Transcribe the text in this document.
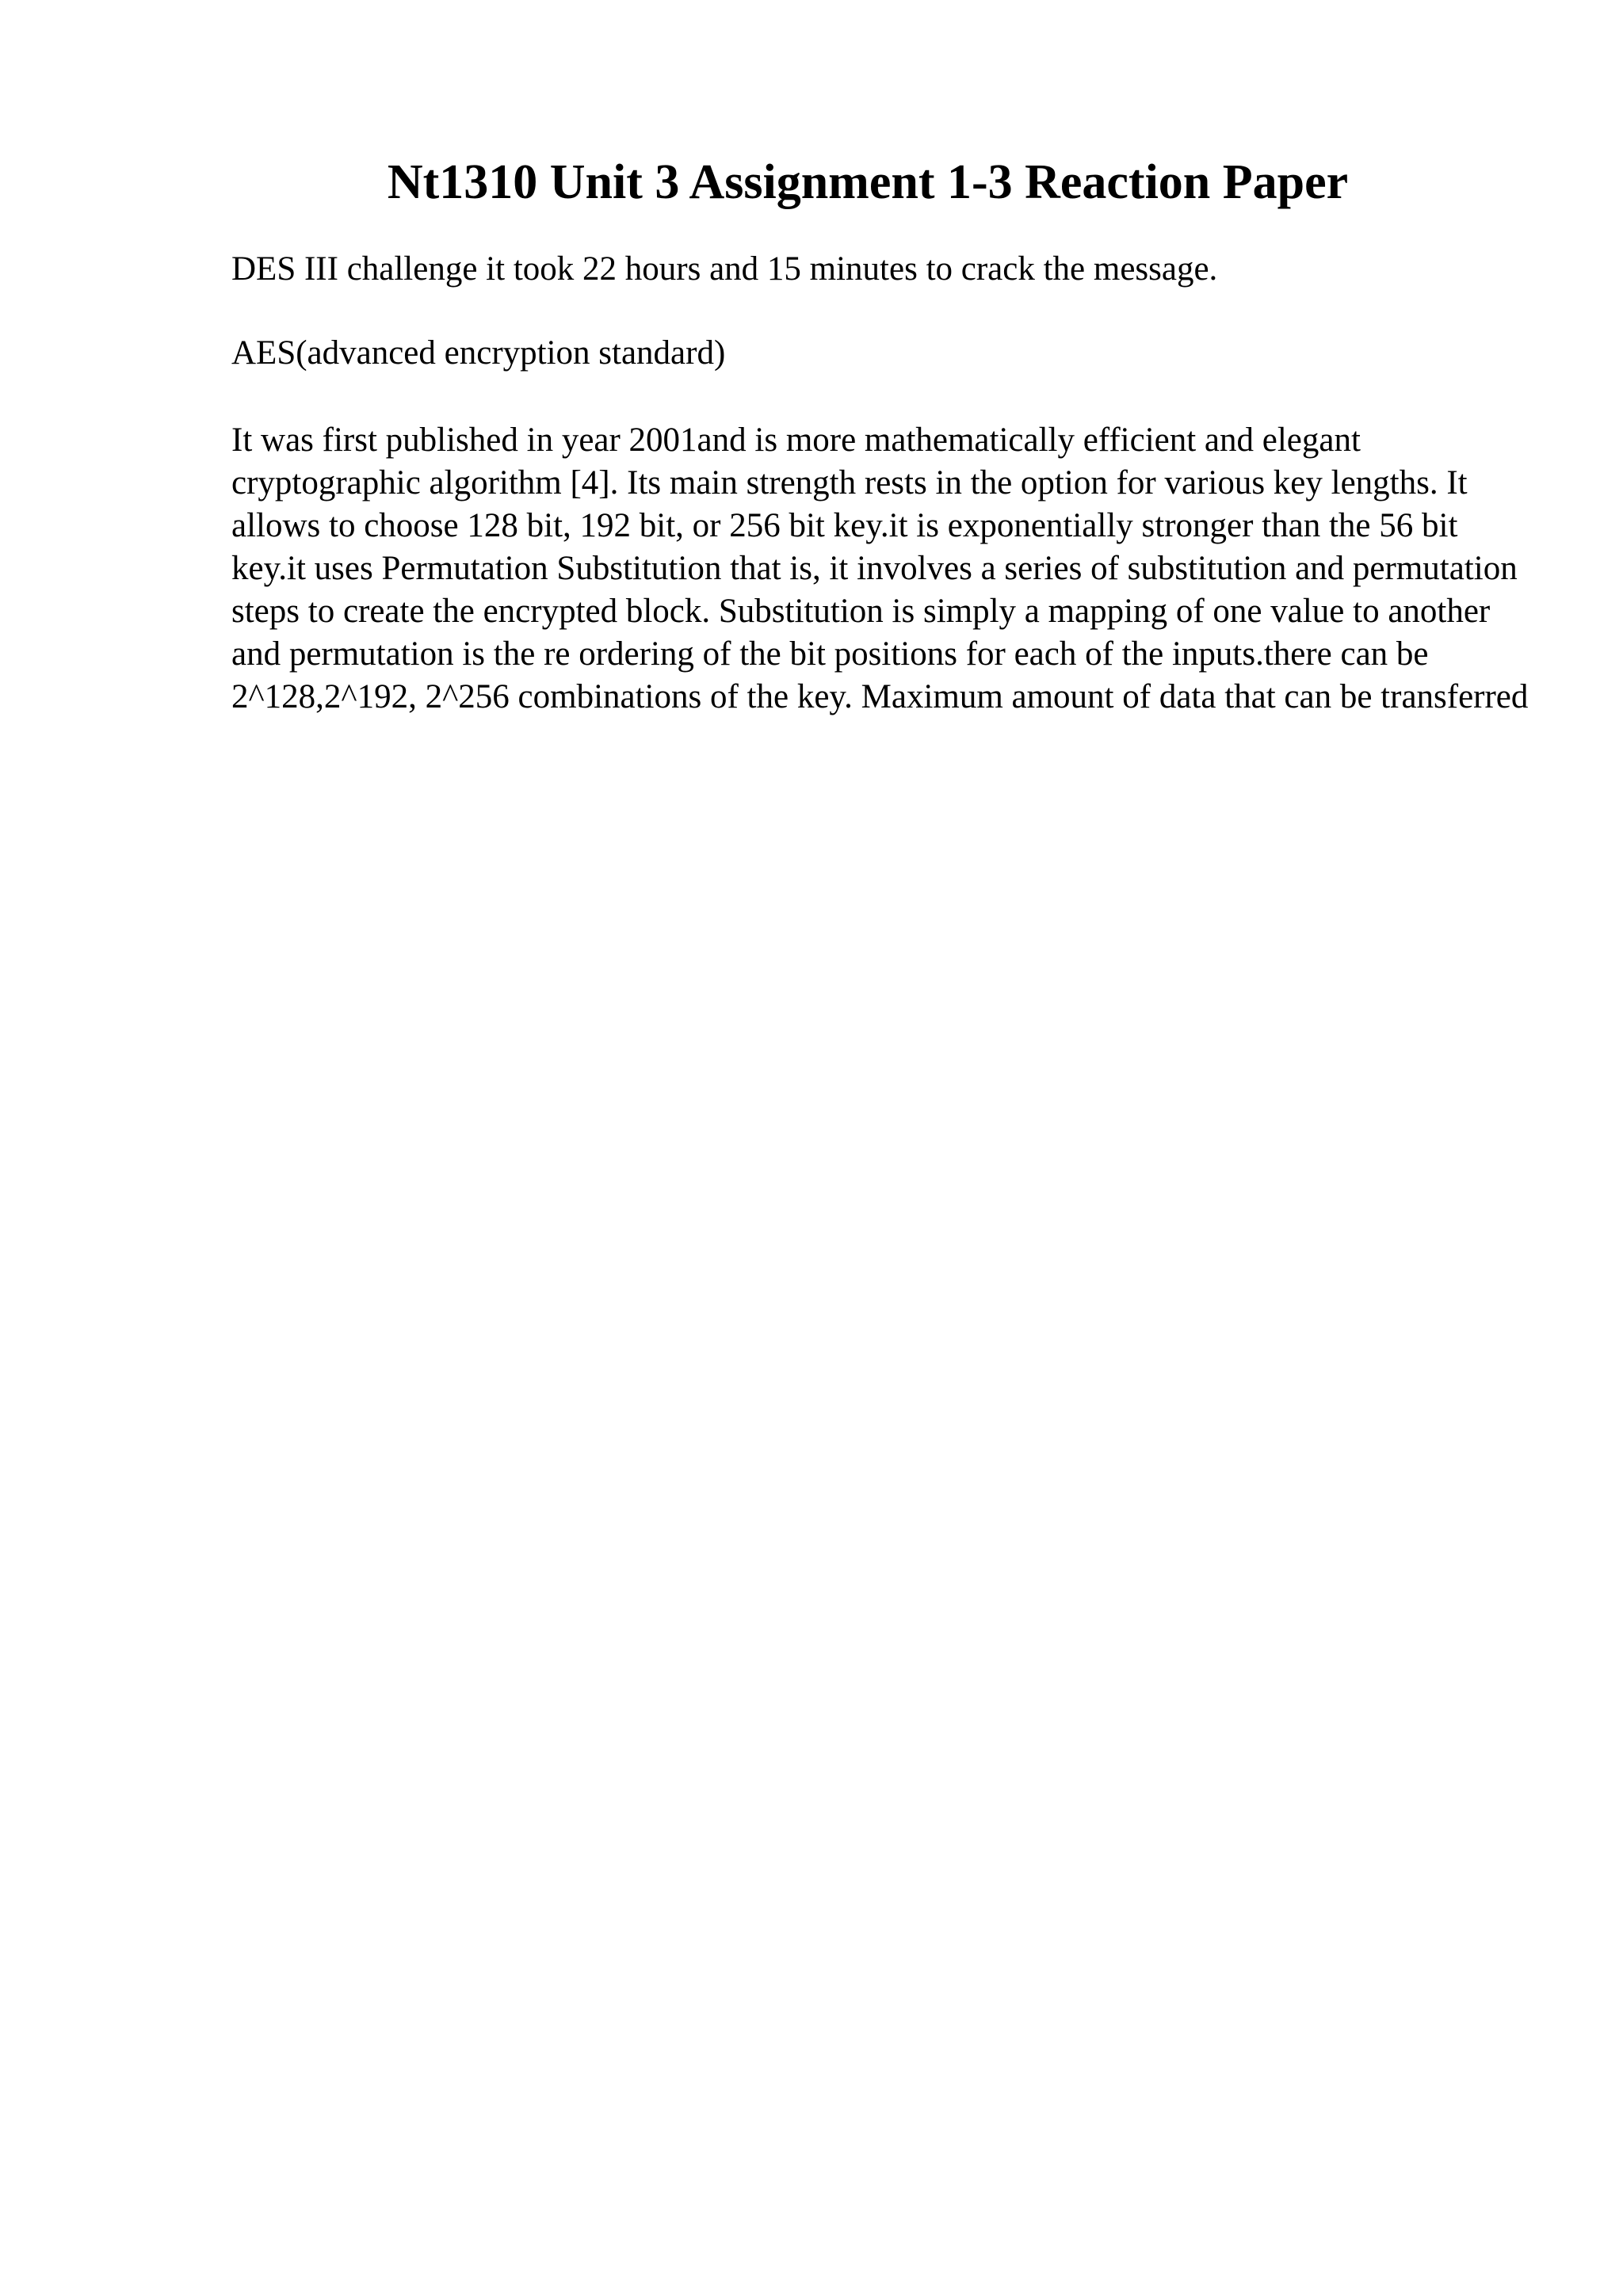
Nt1310 Unit 3 Assignment 1-3 Reaction Paper

DES III challenge it took 22 hours and 15 minutes to crack the message.

AES(advanced encryption standard)

It was first published in year 2001and is more mathematically efficient and elegant cryptographic algorithm [4]. Its main strength rests in the option for various key lengths. It allows to choose 128 bit, 192 bit, or 256 bit key.it is exponentially stronger than the 56 bit key.it uses Permutation Substitution that is, it involves a series of substitution and permutation steps to create the encrypted block. Substitution is simply a mapping of one value to another and permutation is the re ordering of the bit positions for each of the inputs.there can be 2^128,2^192, 2^256 combinations of the key. Maximum amount of data that can be transferred
